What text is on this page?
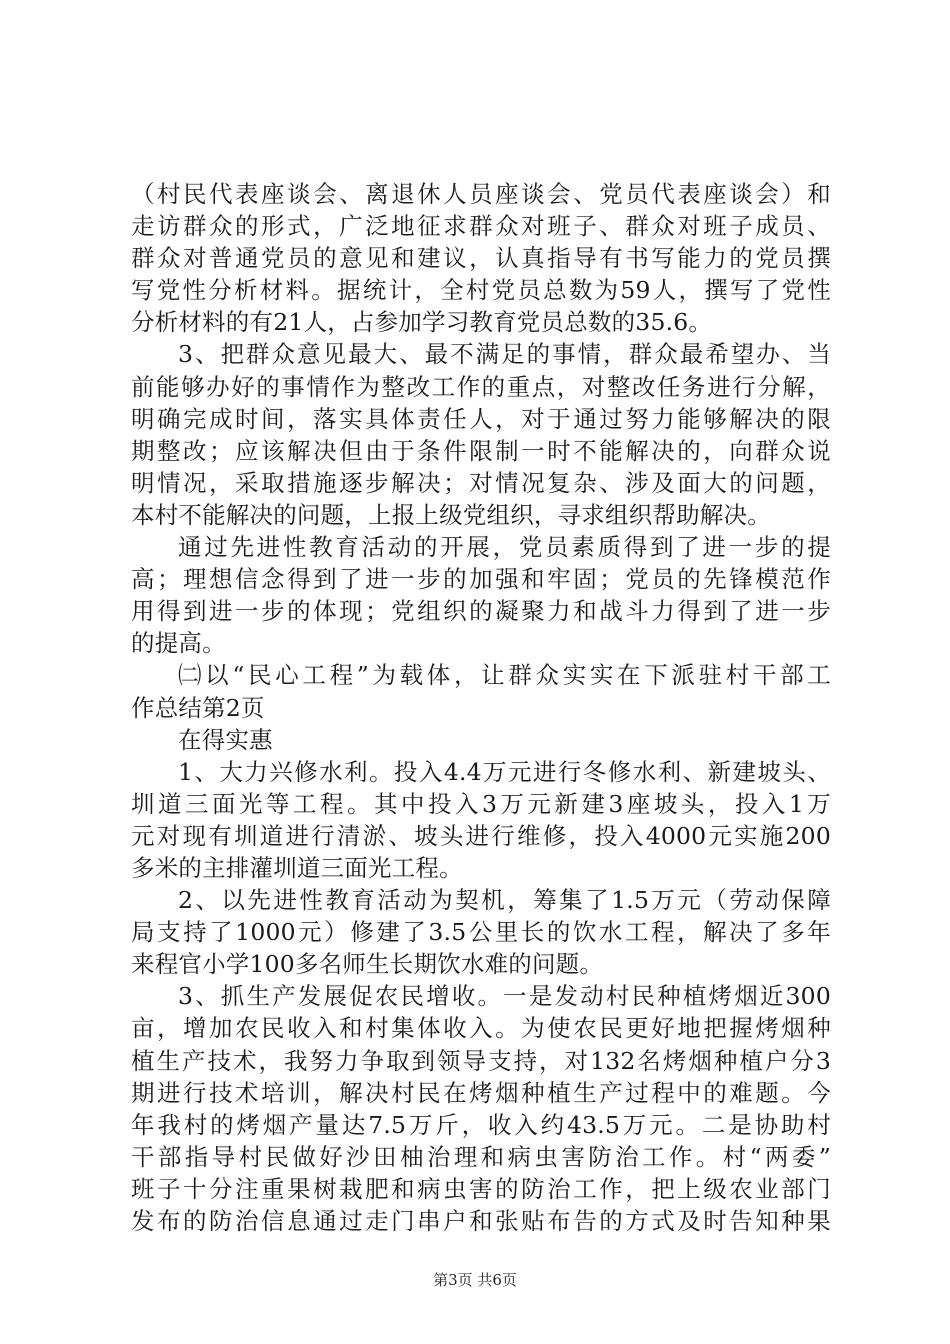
（村民代表座谈会、离退休人员座谈会、党员代表座谈会）和
走访群众的形式，广泛地征求群众对班子、群众对班子成员、
群众对普通党员的意见和建议，认真指导有书写能力的党员撰
写党性分析材料。据统计，全村党员总数为59人，撰写了党性
分析材料的有21人，占参加学习教育党员总数的35.6。
3、把群众意见最大、最不满足的事情，群众最希望办、当
前能够办好的事情作为整改工作的重点，对整改任务进行分解，
明确完成时间，落实具体责任人，对于通过努力能够解决的限
期整改；应该解决但由于条件限制一时不能解决的，向群众说
明情况，采取措施逐步解决；对情况复杂、涉及面大的问题，
本村不能解决的问题，上报上级党组织，寻求组织帮助解决。
通过先进性教育活动的开展，党员素质得到了进一步的提
高；理想信念得到了进一步的加强和牢固；党员的先锋模范作
用得到进一步的体现；党组织的凝聚力和战斗力得到了进一步
的提高。
㈡以“民心工程”为载体，让群众实实在下派驻村干部工
作总结第2页
在得实惠
1、大力兴修水利。投入4.4万元进行冬修水利、新建坡头、
圳道三面光等工程。其中投入3万元新建3座坡头，投入1万
元对现有圳道进行清淤、坡头进行维修，投入4000元实施200
多米的主排灌圳道三面光工程。
2、以先进性教育活动为契机，筹集了1.5万元（劳动保障
局支持了1000元）修建了3.5公里长的饮水工程，解决了多年
来程官小学100多名师生长期饮水难的问题。
3、抓生产发展促农民增收。一是发动村民种植烤烟近300
亩，增加农民收入和村集体收入。为使农民更好地把握烤烟种
植生产技术，我努力争取到领导支持，对132名烤烟种植户分3
期进行技术培训，解决村民在烤烟种植生产过程中的难题。今
年我村的烤烟产量达7.5万斤，收入约43.5万元。二是协助村
干部指导村民做好沙田柚治理和病虫害防治工作。村“两委”
班子十分注重果树栽肥和病虫害的防治工作，把上级农业部门
发布的防治信息通过走门串户和张贴布告的方式及时告知种果
第3页 共6页
